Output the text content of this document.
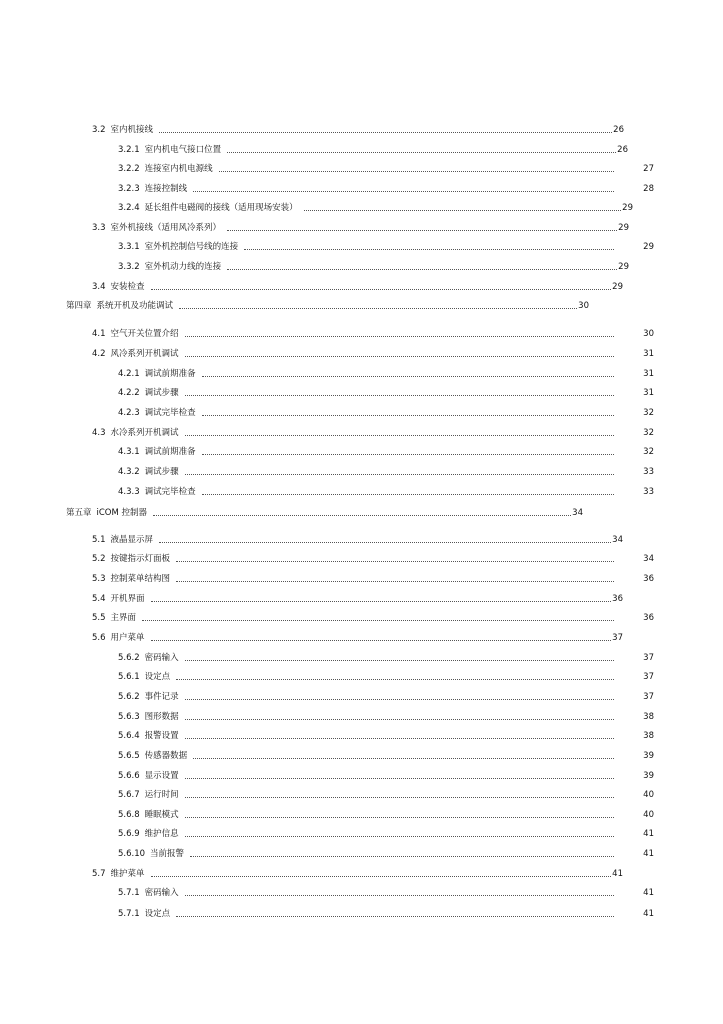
3.2 室内机接线	26
3.2.1 室内机电气接口位置	26
3.2.2 连接室内机电源线	27
3.2.3 连接控制线	28
3.2.4 延长组件电磁阀的接线（适用现场安装）	29
3.3 室外机接线（适用风冷系列）	29
3.3.1 室外机控制信号线的连接	29
3.3.2 室外机动力线的连接	29
3.4 安装检查	29
第四章 系统开机及功能调试	30
4.1 空气开关位置介绍	30
4.2 风冷系列开机调试	31
4.2.1 调试前期准备	31
4.2.2 调试步骤	31
4.2.3 调试完毕检查	32
4.3 水冷系列开机调试	32
4.3.1 调试前期准备	32
4.3.2 调试步骤	33
4.3.3 调试完毕检查	33
第五章 iCOM 控制器	34
5.1 液晶显示屏	34
5.2 按键指示灯面板	34
5.3 控制菜单结构图	36
5.4 开机界面	36
5.5 主界面	36
5.6 用户菜单	37
5.6.2 密码输入	37
5.6.1 设定点	37
5.6.2 事件记录	37
5.6.3 图形数据	38
5.6.4 报警设置	38
5.6.5 传感器数据	39
5.6.6 显示设置	39
5.6.7 运行时间	40
5.6.8 睡眠模式	40
5.6.9 维护信息	41
5.6.10 当前报警	41
5.7 维护菜单	41
5.7.1 密码输入	41
5.7.1 设定点	41
